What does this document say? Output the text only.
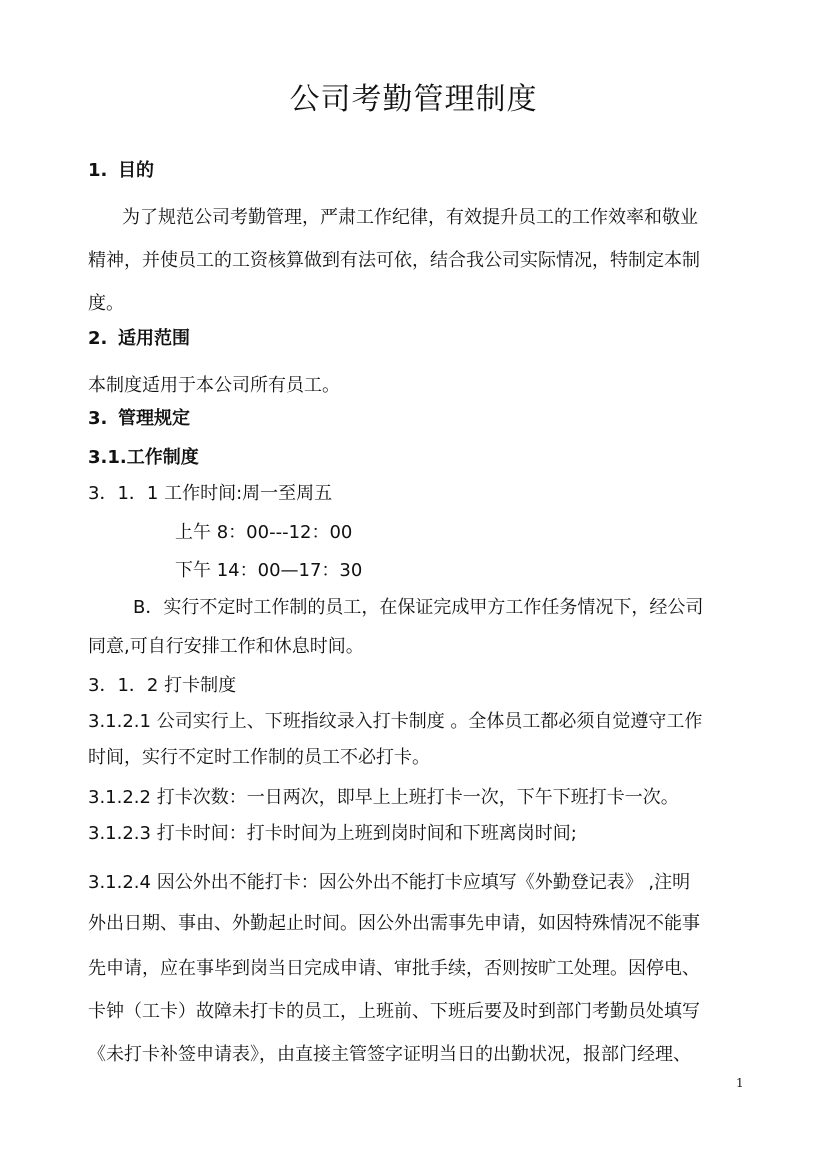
公司考勤管理制度
1. 目的
为了规范公司考勤管理，严肃工作纪律，有效提升员工的工作效率和敬业
精神，并使员工的工资核算做到有法可依，结合我公司实际情况，特制定本制
度。
2. 适用范围
本制度适用于本公司所有员工。
3. 管理规定
3.1.工作制度
3．1．1 工作时间:周一至周五
上午 8：00---12：00
下午 14：00—17：30
B．实行不定时工作制的员工，在保证完成甲方工作任务情况下，经公司
同意,可自行安排工作和休息时间。
3．1．2 打卡制度
3.1.2.1 公司实行上、下班指纹录入打卡制度 。全体员工都必须自觉遵守工作
时间，实行不定时工作制的员工不必打卡。
3.1.2.2 打卡次数：一日两次，即早上上班打卡一次，下午下班打卡一次。
3.1.2.3 打卡时间：打卡时间为上班到岗时间和下班离岗时间;
3.1.2.4 因公外出不能打卡：因公外出不能打卡应填写《外勤登记表》 ,注明
外出日期、事由、外勤起止时间。因公外出需事先申请，如因特殊情况不能事
先申请，应在事毕到岗当日完成申请、审批手续，否则按旷工处理。因停电、
卡钟（工卡）故障未打卡的员工，上班前、下班后要及时到部门考勤员处填写
《未打卡补签申请表》，由直接主管签字证明当日的出勤状况，报部门经理、
1
